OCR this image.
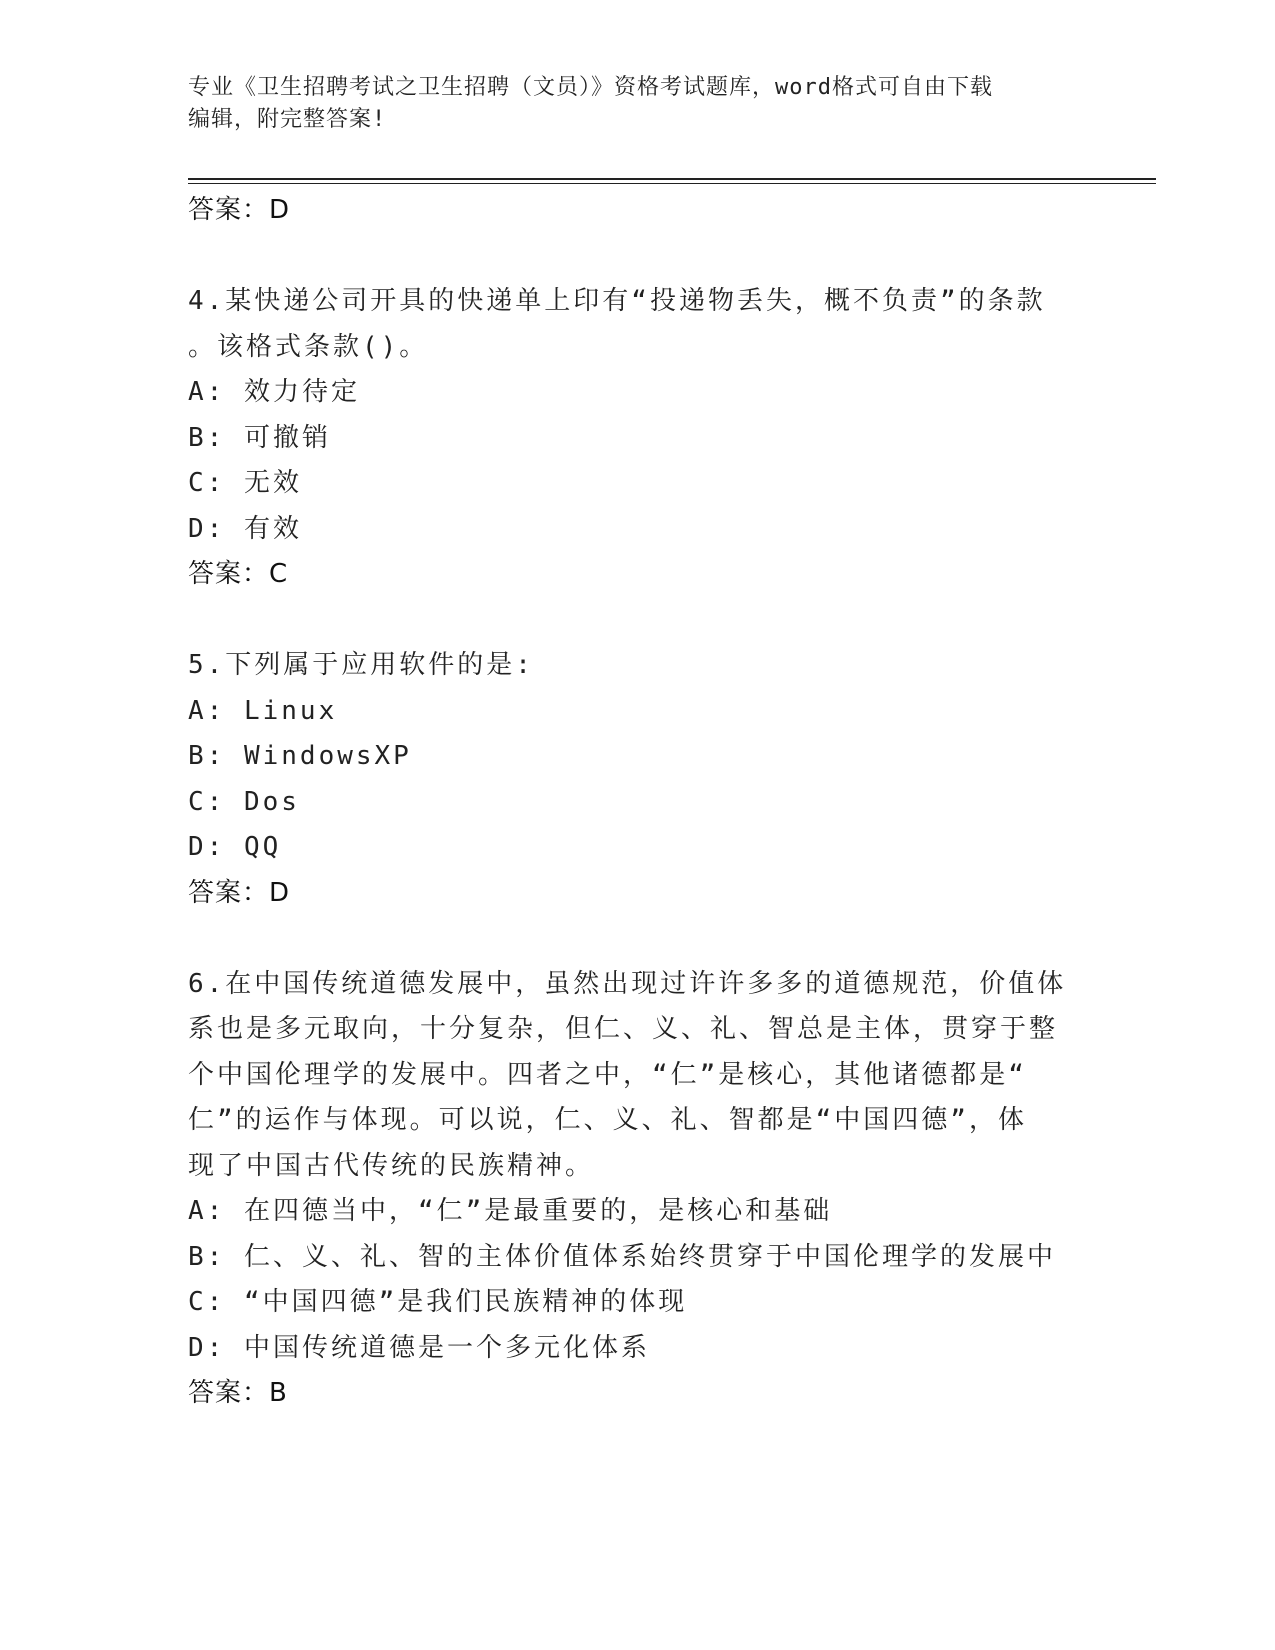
专业《卫生招聘考试之卫生招聘（文员）》资格考试题库，word格式可自由下载
编辑，附完整答案!
答案：D
4.某快递公司开具的快递单上印有“投递物丢失，概不负责”的条款
。该格式条款()。
A: 效力待定
B: 可撤销
C: 无效
D: 有效
答案：C
5.下列属于应用软件的是:
A: Linux
B: WindowsXP
C: Dos
D: QQ
答案：D
6.在中国传统道德发展中，虽然出现过许许多多的道德规范，价值体
系也是多元取向，十分复杂，但仁、义、礼、智总是主体，贯穿于整
个中国伦理学的发展中。四者之中，“仁”是核心，其他诸德都是“
仁”的运作与体现。可以说，仁、义、礼、智都是“中国四德”，体
现了中国古代传统的民族精神。
A: 在四德当中，“仁”是最重要的，是核心和基础
B: 仁、义、礼、智的主体价值体系始终贯穿于中国伦理学的发展中
C: “中国四德”是我们民族精神的体现
D: 中国传统道德是一个多元化体系
答案：B
